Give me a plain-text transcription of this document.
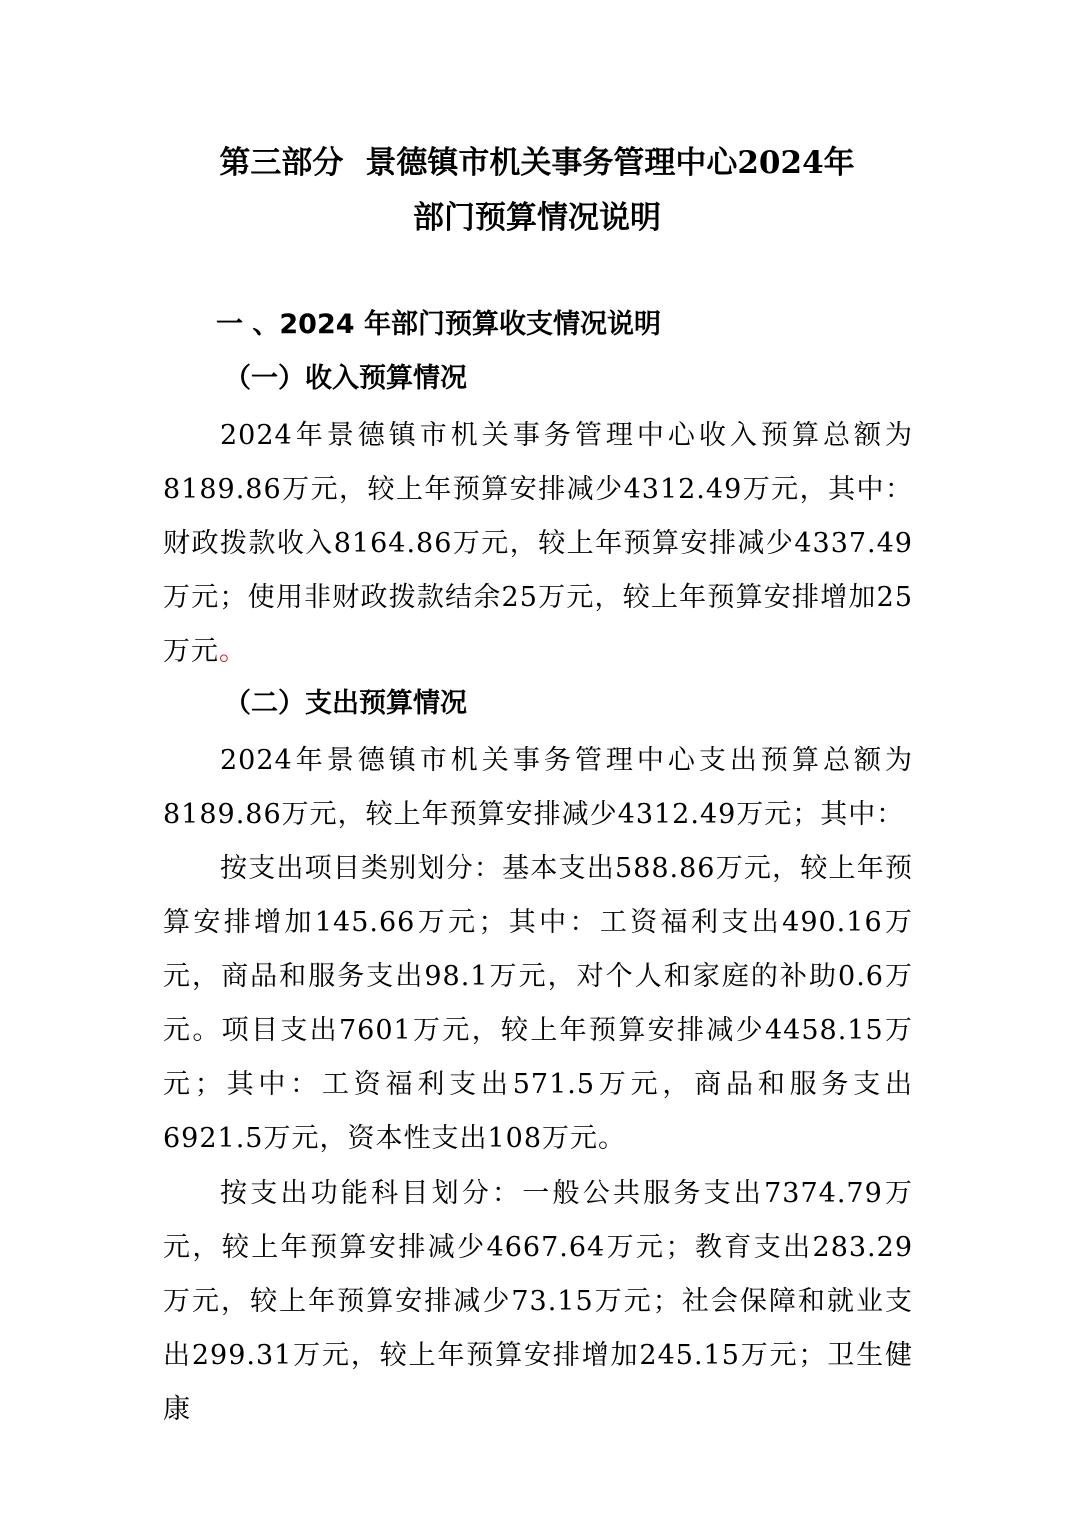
第三部分 景德镇市机关事务管理中心2024年
部门预算情况说明
一 、2024 年部门预算收支情况说明
（一）收入预算情况

2024年景德镇市机关事务管理中心收入预算总额为8189.86万元，较上年预算安排减少4312.49万元，其中：财政拨款收入8164.86万元，较上年预算安排减少4337.49万元；使用非财政拨款结余25万元，较上年预算安排增加25万元。

（二）支出预算情况

2024年景德镇市机关事务管理中心支出预算总额为8189.86万元，较上年预算安排减少4312.49万元；其中：

按支出项目类别划分：基本支出588.86万元，较上年预算安排增加145.66万元；其中：工资福利支出490.16万元，商品和服务支出98.1万元，对个人和家庭的补助0.6万元。项目支出7601万元，较上年预算安排减少4458.15万元；其中：工资福利支出571.5万元，商品和服务支出6921.5万元，资本性支出108万元。

按支出功能科目划分：一般公共服务支出7374.79万元，较上年预算安排减少4667.64万元；教育支出283.29万元，较上年预算安排减少73.15万元；社会保障和就业支出299.31万元，较上年预算安排增加245.15万元；卫生健康
